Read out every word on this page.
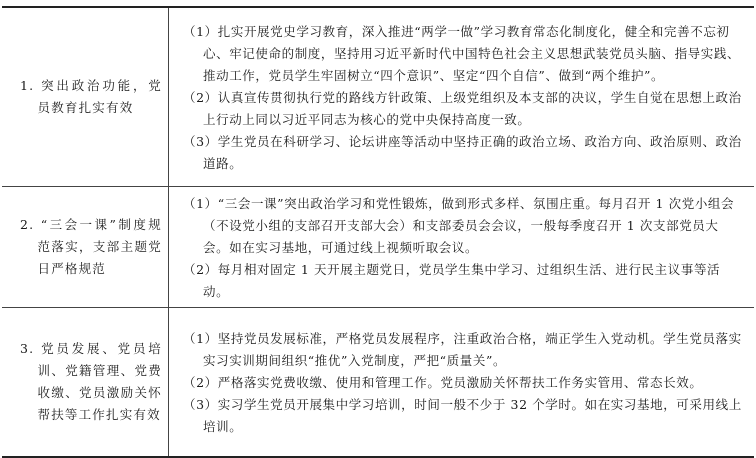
1. 突出政治功能，党员教育扎实有效	（1）扎实开展党史学习教育，深入推进“两学一做”学习教育常态化制度化，健全和完善不忘初心、牢记使命的制度，坚持用习近平新时代中国特色社会主义思想武装党员头脑、指导实践、推动工作，党员学生牢固树立“四个意识”、坚定“四个自信”、做到“两个维护”。
（2）认真宣传贯彻执行党的路线方针政策、上级党组织及本支部的决议，学生自觉在思想上政治上行动上同以习近平同志为核心的党中央保持高度一致。
（3）学生党员在科研学习、论坛讲座等活动中坚持正确的政治立场、政治方向、政治原则、政治道路。

2. “三会一课”制度规范落实，支部主题党日严格规范	（1）“三会一课”突出政治学习和党性锻炼，做到形式多样、氛围庄重。每月召开 1 次党小组会（不设党小组的支部召开支部大会）和支部委员会会议，一般每季度召开 1 次支部党员大会。如在实习基地，可通过线上视频听取会议。
（2）每月相对固定 1 天开展主题党日，党员学生集中学习、过组织生活、进行民主议事等活动。

3. 党员发展、党员培训、党籍管理、党费收缴、党员激励关怀帮扶等工作扎实有效	（1）坚持党员发展标准，严格党员发展程序，注重政治合格，端正学生入党动机。学生党员落实实习实训期间组织“推优”入党制度，严把“质量关”。
（2）严格落实党费收缴、使用和管理工作。党员激励关怀帮扶工作务实管用、常态长效。
（3）实习学生党员开展集中学习培训，时间一般不少于 32 个学时。如在实习基地，可采用线上培训。
